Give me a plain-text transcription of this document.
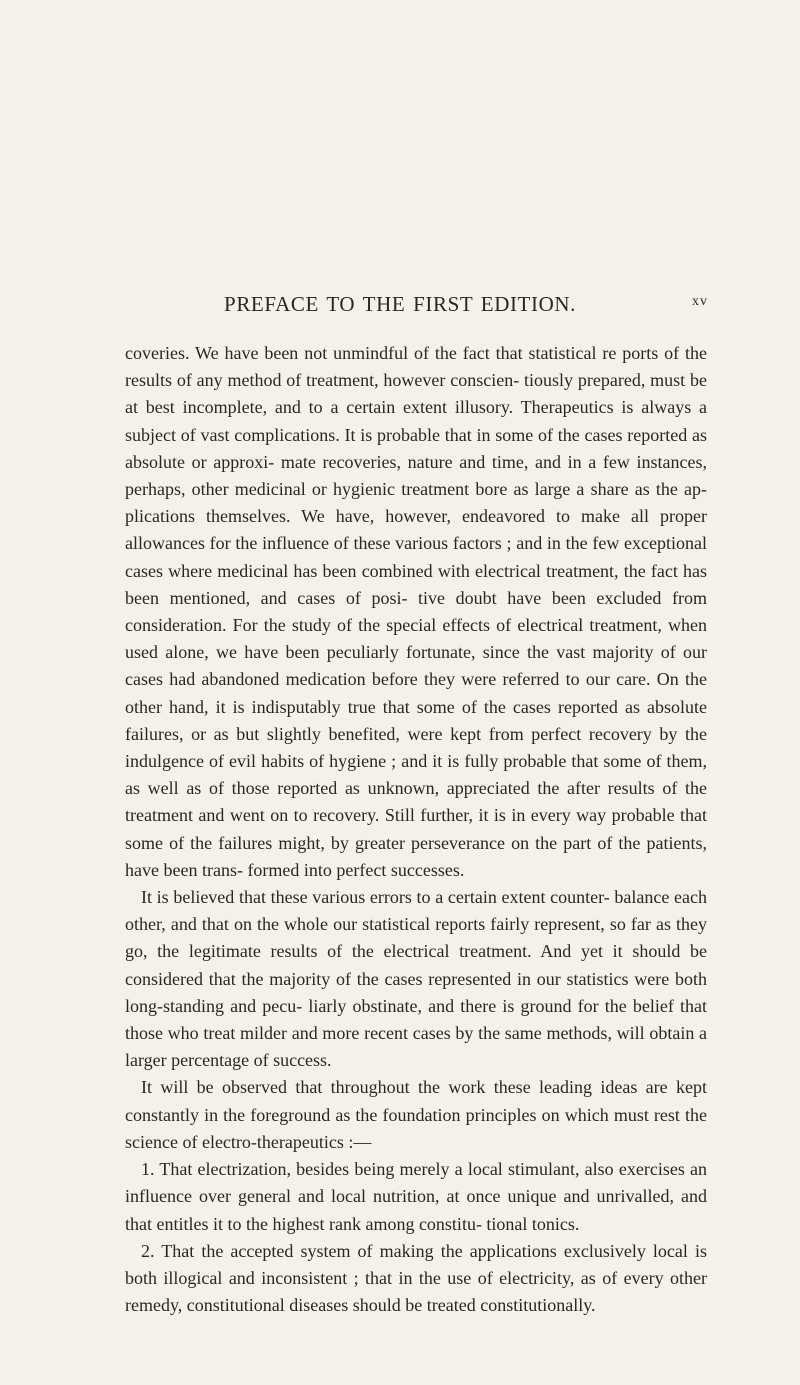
PREFACE TO THE FIRST EDITION.	xv

coveries. We have been not unmindful of the fact that statistical re ports of the results of any method of treatment, however conscien- tiously prepared, must be at best incomplete, and to a certain extent illusory. Therapeutics is always a subject of vast complications. It is probable that in some of the cases reported as absolute or approxi- mate recoveries, nature and time, and in a few instances, perhaps, other medicinal or hygienic treatment bore as large a share as the ap- plications themselves. We have, however, endeavored to make all proper allowances for the influence of these various factors ; and in the few exceptional cases where medicinal has been combined with electrical treatment, the fact has been mentioned, and cases of posi- tive doubt have been excluded from consideration. For the study of the special effects of electrical treatment, when used alone, we have been peculiarly fortunate, since the vast majority of our cases had abandoned medication before they were referred to our care. On the other hand, it is indisputably true that some of the cases reported as absolute failures, or as but slightly benefited, were kept from perfect recovery by the indulgence of evil habits of hygiene ; and it is fully probable that some of them, as well as of those reported as unknown, appreciated the after results of the treatment and went on to recovery. Still further, it is in every way probable that some of the failures might, by greater perseverance on the part of the patients, have been trans- formed into perfect successes.

It is believed that these various errors to a certain extent counter- balance each other, and that on the whole our statistical reports fairly represent, so far as they go, the legitimate results of the electrical treatment. And yet it should be considered that the majority of the cases represented in our statistics were both long-standing and pecu- liarly obstinate, and there is ground for the belief that those who treat milder and more recent cases by the same methods, will obtain a larger percentage of success.

It will be observed that throughout the work these leading ideas are kept constantly in the foreground as the foundation principles on which must rest the science of electro-therapeutics :—

1. That electrization, besides being merely a local stimulant, also exercises an influence over general and local nutrition, at once unique and unrivalled, and that entitles it to the highest rank among constitu- tional tonics.

2. That the accepted system of making the applications exclusively local is both illogical and inconsistent ; that in the use of electricity, as of every other remedy, constitutional diseases should be treated constitutionally.
